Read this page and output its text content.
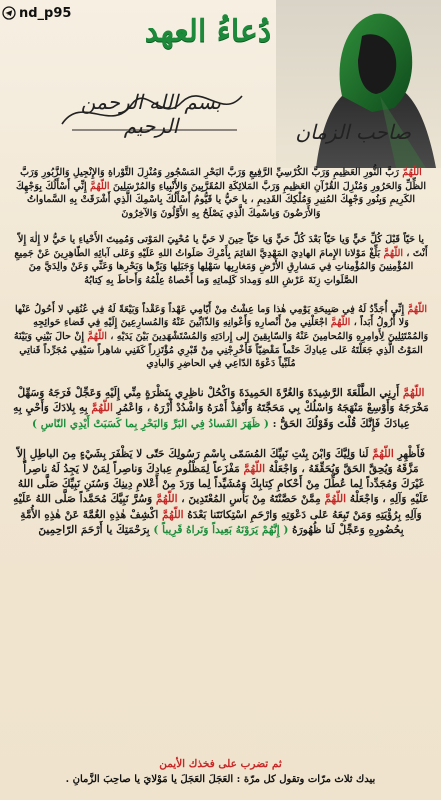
nd_p95
دُعاءُ العهد
صاحب الزمان
بسم الله الرحمن الرحيم

اللّهُمَّ رَبَّ النُّورِ العَظِيمِ وَرَبَّ الكُرْسِيِّ الرَّفِيعِ وَرَبَّ البَحْرِ المَسْجُورِ وَمُنْزِلَ التَّوْراةِ وَالإِنْجِيلِ وَالزَّبُورِ وَرَبَّ الظِّلِّ وَالحَرُورِ وَمُنْزِلَ القُرْآنِ العَظِيمِ وَرَبَّ المَلائِكَةِ المُقَرَّبِينَ وَالأَنْبِياءِ وَالمُرْسَلِينَ اللّهُمَّ إِنِّي أَسْأَلُكَ بِوَجْهِكَ الكَرِيمِ وَبِنُورِ وَجْهِكَ المُنِيرِ وَمُلْكِكَ القَدِيمِ ، يا حَيُّ يا قَيُّومُ أَسْأَلُكَ بِاسْمِكَ الَّذِي أَشْرَقَتْ بِهِ السَّماواتُ وَالأَرَضُونَ وَبِاسْمِكَ الَّذِي يَصْلَحُ بِهِ الأَوَّلُونَ وَالآخِرُونَ

يا حَيّاً قَبْلَ كُلِّ حَيٍّ وَيا حَيّاً بَعْدَ كُلِّ حَيٍّ وَيا حَيّاً حِينَ لا حَيَّ يا مُحْيِيَ المَوْتى وَمُمِيتَ الأَحْياءِ يا حَيُّ لا إِلٰهَ إِلاّ أَنْتَ ، اللّهُمَّ بَلِّغْ مَوْلانا الإِمامَ الهادِيَ المَهْدِيَّ القائِمَ بِأَمْرِكَ صَلَواتُ اللهِ عَلَيْهِ وَعَلى آبائِهِ الطّاهِرِينَ عَنْ جَمِيعِ المُؤْمِنِينَ وَالمُؤْمِناتِ فِي مَشارِقِ الأَرْضِ وَمَغارِبِها سَهْلِها وَجَبَلِها وَبَرِّها وَبَحْرِها وَعَنِّي وَعَنْ والِدَيَّ مِنَ الصَّلَواتِ زِنَةَ عَرْشِ اللهِ وَمِدادَ كَلِماتِهِ وَما أَحْصاهُ عِلْمُهُ وَأَحاطَ بِهِ كِتابُهُ

اللّهُمَّ إِنِّي أُجَدِّدُ لَهُ فِي صَبِيحَةِ يَوْمِي هٰذا وَما عِشْتُ مِنْ أَيّامِي عَهْداً وَعَقْداً وَبَيْعَةً لَهُ فِي عُنُقِي لا أَحُولُ عَنْها وَلا أَزُولُ أَبَداً ، اللّهُمَّ اجْعَلْنِي مِنْ أَنْصارِهِ وَأَعْوانِهِ وَالذّابِّينَ عَنْهُ وَالمُسارِعِينَ إِلَيْهِ فِي قَضاءِ حَوائِجِهِ وَالمُمْتَثِلِينَ لِأَوامِرِهِ وَالمُحامِينَ عَنْهُ وَالسّابِقِينَ إِلى إِرادَتِهِ وَالمُسْتَشْهَدِينَ بَيْنَ يَدَيْهِ ، اللّهُمَّ إِنْ حالَ بَيْنِي وَبَيْنَهُ المَوْتُ الَّذِي جَعَلْتَهُ عَلى عِبادِكَ حَتْماً مَقْضِيّاً فَأَخْرِجْنِي مِنْ قَبْرِي مُؤْتَزِراً كَفَنِي شاهِراً سَيْفِي مُجَرِّداً قَناتِي مُلَبِّياً دَعْوَةَ الدّاعِي فِي الحاضِرِ وَالبادِي

اللّهُمَّ أَرِنِي الطَّلْعَةَ الرَّشِيدَةَ وَالغُرَّةَ الحَمِيدَةَ وَاكْحُلْ ناظِرِي بِنَظْرَةٍ مِنِّي إِلَيْهِ وَعَجِّلْ فَرَجَهُ وَسَهِّلْ مَخْرَجَهُ وَأَوْسِعْ مَنْهَجَهُ وَاسْلُكْ بِي مَحَجَّتَهُ وَأَنْفِذْ أَمْرَهُ وَاشْدُدْ أَزْرَهُ ، وَاعْمُرِ اللّهُمَّ بِهِ بِلادَكَ وَأَحْيِ بِهِ عِبادَكَ فَإِنَّكَ قُلْتَ وَقَوْلُكَ الحَقُّ : ( ظَهَرَ الفَسادُ فِي البَرِّ وَالبَحْرِ بِما كَسَبَتْ أَيْدِي النّاسِ )

فَأَظْهِرِ اللّهُمَّ لَنا وَلِيَّكَ وَابْنَ بِنْتِ نَبِيِّكَ المُسَمّى بِاسْمِ رَسُولِكَ حَتّى لا يَظْفَرَ بِشَيْءٍ مِنَ الباطِلِ إِلاّ مَزَّقَهُ وَيُحِقَّ الحَقَّ وَيُحَقِّقَهُ ، وَاجْعَلْهُ اللّهُمَّ مَفْزَعاً لِمَظْلُومِ عِبادِكَ وَناصِراً لِمَنْ لا يَجِدُ لَهُ ناصِراً غَيْرَكَ وَمُجَدِّداً لِما عُطِّلَ مِنْ أَحْكامِ كِتابِكَ وَمُشَيِّداً لِما وَرَدَ مِنْ أَعْلامِ دِينِكَ وَسُنَنِ نَبِيِّكَ صَلَّى اللهُ عَلَيْهِ وَآلِهِ ، وَاجْعَلْهُ اللّهُمَّ مِمَّنْ حَصَّنْتَهُ مِنْ بَأْسِ المُعْتَدِينَ ، اللّهُمَّ وَسُرَّ نَبِيَّكَ مُحَمَّداً صَلَّى اللهُ عَلَيْهِ وَآلِهِ بِرُؤْيَتِهِ وَمَنْ تَبِعَهُ عَلى دَعْوَتِهِ وَارْحَمِ اسْتِكانَتَنا بَعْدَهُ اللّهُمَّ اكْشِفْ هٰذِهِ الغُمَّةَ عَنْ هٰذِهِ الأُمَّةِ بِحُضُورِهِ وَعَجِّلْ لَنا ظُهُورَهُ ( إِنَّهُمْ يَرَوْنَهُ بَعِيداً وَنَراهُ قَرِيباً ) بِرَحْمَتِكَ يا أَرْحَمَ الرّاحِمِينَ

ثم تضرب على فخذك الأيمن
بيدك ثلاث مرّات وتقول كل مرّة : العَجَلَ العَجَلَ يا مَوْلايَ يا صاحِبَ الزَّمانِ .
